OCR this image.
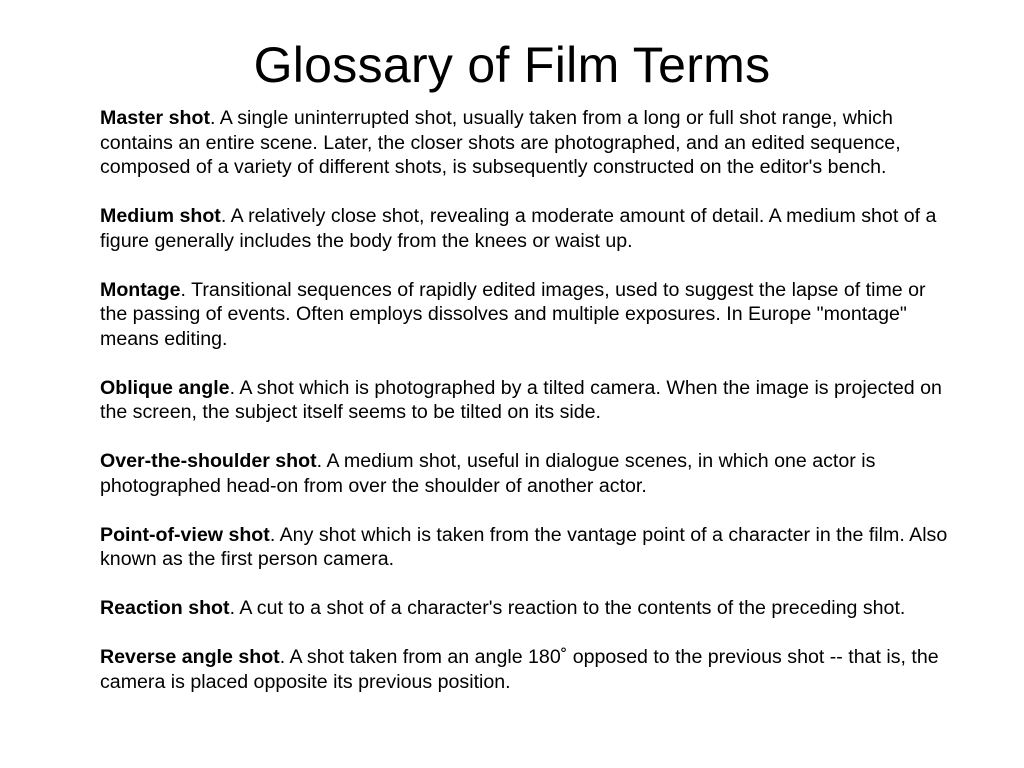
Glossary of Film Terms

Master shot. A single uninterrupted shot, usually taken from a long or full shot range, which contains an entire scene. Later, the closer shots are photographed, and an edited sequence, composed of a variety of different shots, is subsequently constructed on the editor's bench.

Medium shot. A relatively close shot, revealing a moderate amount of detail. A medium shot of a figure generally includes the body from the knees or waist up.

Montage. Transitional sequences of rapidly edited images, used to suggest the lapse of time or the passing of events. Often employs dissolves and multiple exposures. In Europe "montage" means editing.

Oblique angle. A shot which is photographed by a tilted camera. When the image is projected on the screen, the subject itself seems to be tilted on its side.

Over-the-shoulder shot. A medium shot, useful in dialogue scenes, in which one actor is photographed head-on from over the shoulder of another actor.

Point-of-view shot. Any shot which is taken from the vantage point of a character in the film. Also known as the first person camera.

Reaction shot. A cut to a shot of a character's reaction to the contents of the preceding shot.

Reverse angle shot. A shot taken from an angle 180˚ opposed to the previous shot -- that is, the camera is placed opposite its previous position.
